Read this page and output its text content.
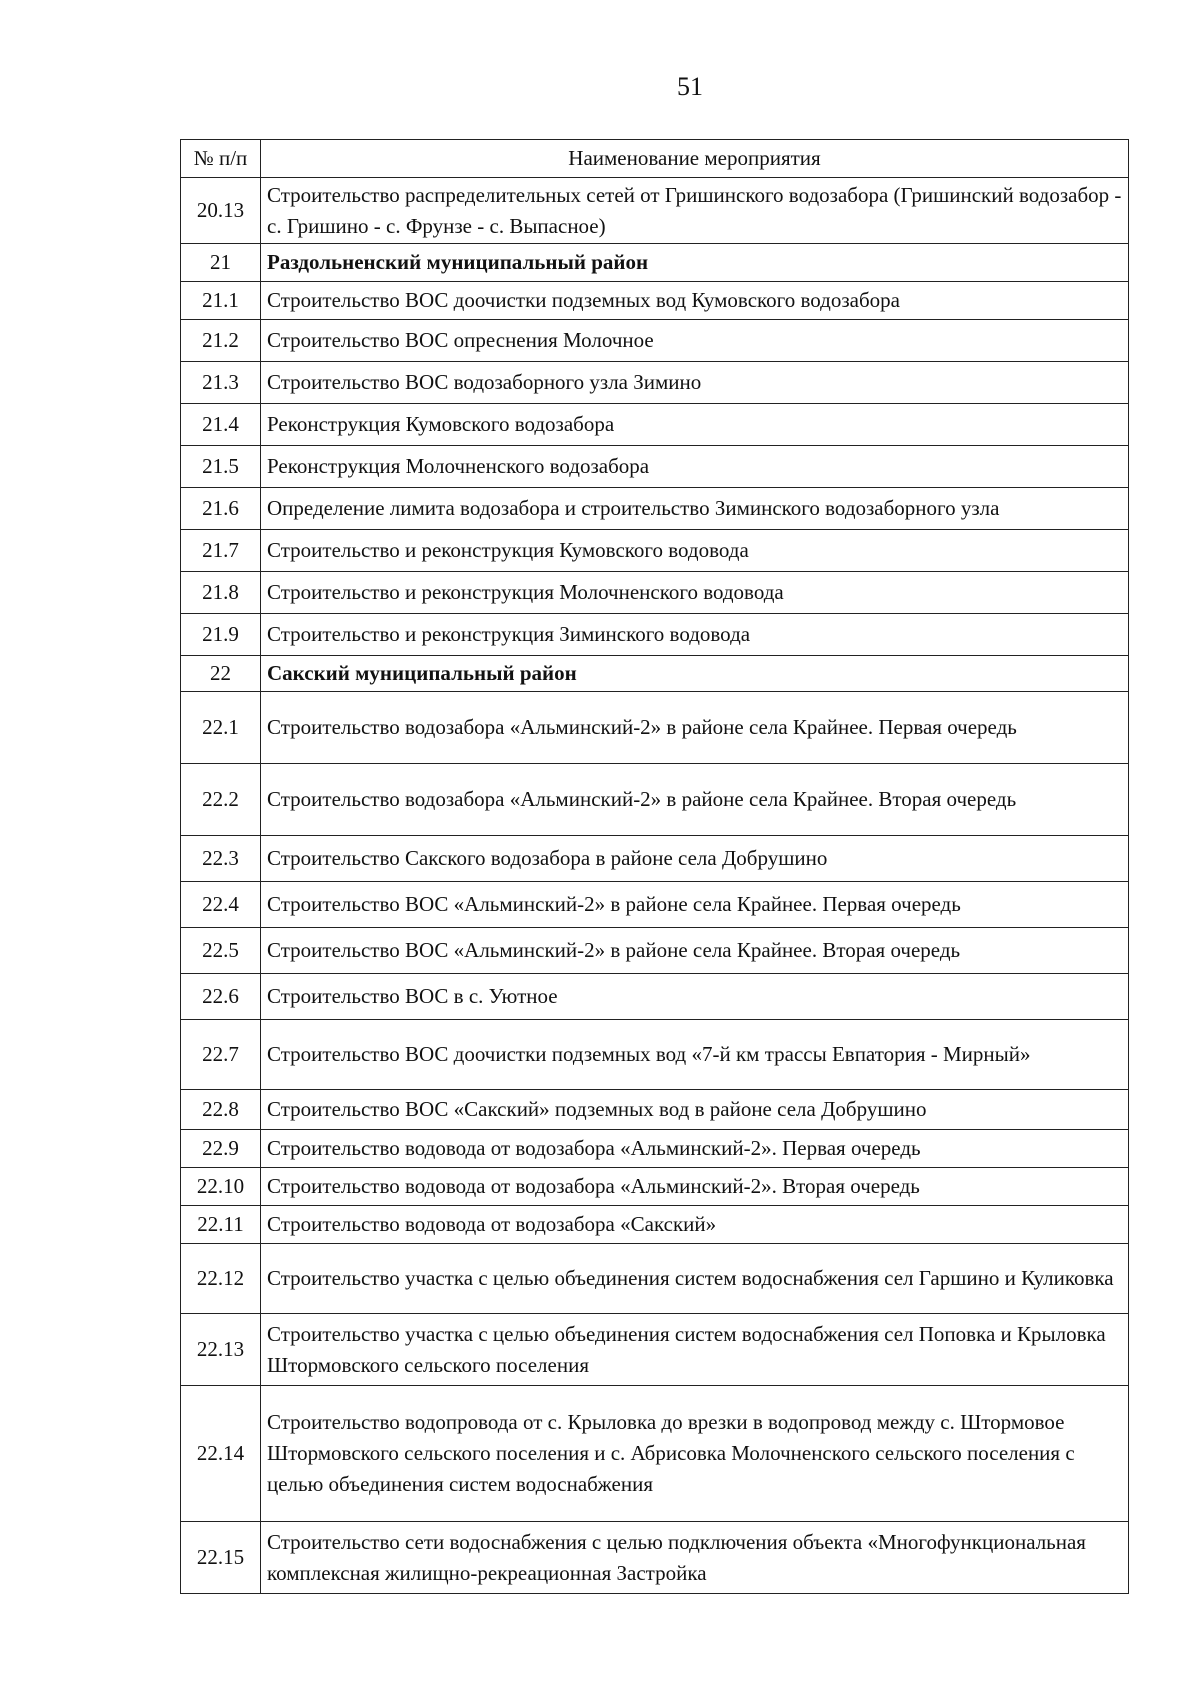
51
№ п/п	Наименование мероприятия
20.13	Строительство распределительных сетей от Гришинского водозабора (Гришинский водозабор - с. Гришино - с. Фрунзе - с. Выпасное)
21	Раздольненский муниципальный район
21.1	Строительство ВОС доочистки подземных вод Кумовского водозабора
21.2	Строительство ВОС опреснения Молочное
21.3	Строительство ВОС водозаборного узла Зимино
21.4	Реконструкция Кумовского водозабора
21.5	Реконструкция Молочненского водозабора
21.6	Определение лимита водозабора и строительство Зиминского водозаборного узла
21.7	Строительство и реконструкция Кумовского водовода
21.8	Строительство и реконструкция Молочненского водовода
21.9	Строительство и реконструкция Зиминского водовода
22	Сакский муниципальный район
22.1	Строительство водозабора «Альминский-2» в районе села Крайнее. Первая очередь
22.2	Строительство водозабора «Альминский-2» в районе села Крайнее. Вторая очередь
22.3	Строительство Сакского водозабора в районе села Добрушино
22.4	Строительство ВОС «Альминский-2» в районе села Крайнее. Первая очередь
22.5	Строительство ВОС «Альминский-2» в районе села Крайнее. Вторая очередь
22.6	Строительство ВОС в с. Уютное
22.7	Строительство ВОС доочистки подземных вод «7-й км трассы Евпатория - Мирный»
22.8	Строительство ВОС «Сакский» подземных вод в районе села Добрушино
22.9	Строительство водовода от водозабора «Альминский-2». Первая очередь
22.10	Строительство водовода от водозабора «Альминский-2». Вторая очередь
22.11	Строительство водовода от водозабора «Сакский»
22.12	Строительство участка с целью объединения систем водоснабжения сел Гаршино и Куликовка
22.13	Строительство участка с целью объединения систем водоснабжения сел Поповка и Крыловка Штормовского сельского поселения
22.14	Строительство водопровода от с. Крыловка до врезки в водопровод между с. Штормовое Штормовского сельского поселения и с. Абрисовка Молочненского сельского поселения с целью объединения систем водоснабжения
22.15	Строительство сети водоснабжения с целью подключения объекта «Многофункциональная комплексная жилищно-рекреационная Застройка
